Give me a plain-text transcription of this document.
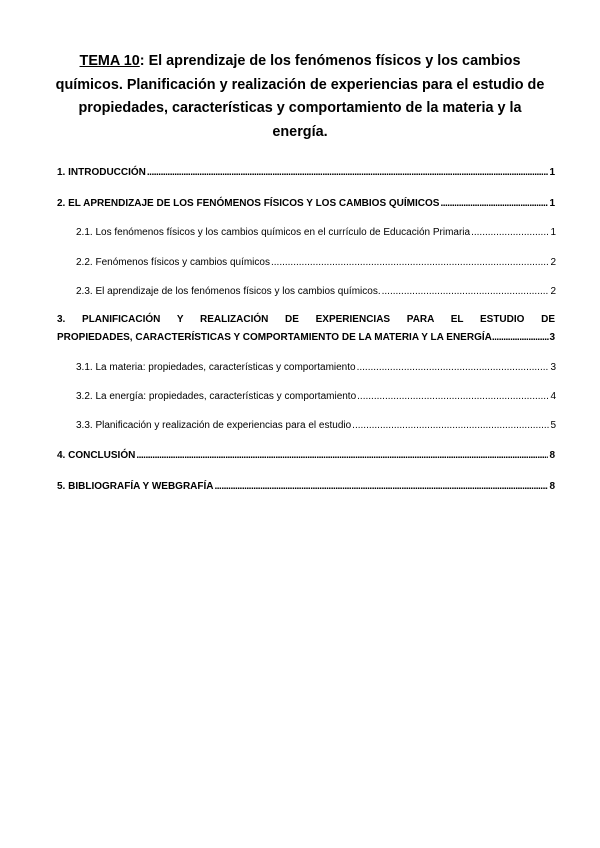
TEMA 10: El aprendizaje de los fenómenos físicos y los cambios
químicos. Planificación y realización de experiencias para el estudio de
propiedades, características y comportamiento de la materia y la energía.
1. INTRODUCCIÓN .....	1
2. EL APRENDIZAJE DE LOS FENÓMENOS FÍSICOS Y LOS CAMBIOS QUÍMICOS .....	1
2.1. Los fenómenos físicos y los cambios químicos en el currículo de Educación Primaria .....	1
2.2. Fenómenos físicos y cambios químicos .....	2
2.3. El aprendizaje de los fenómenos físicos y los cambios químicos. .....	2
3. PLANIFICACIÓN Y REALIZACIÓN DE EXPERIENCIAS PARA EL ESTUDIO DE
PROPIEDADES, CARACTERÍSTICAS Y COMPORTAMIENTO DE LA MATERIA Y LA ENERGÍA .....	3
3.1. La materia: propiedades, características y comportamiento .....	3
3.2. La energía: propiedades, características y comportamiento .....	4
3.3. Planificación y realización de experiencias para el estudio .....	5
4. CONCLUSIÓN .....	8
5. BIBLIOGRAFÍA Y WEBGRAFÍA .....	8
